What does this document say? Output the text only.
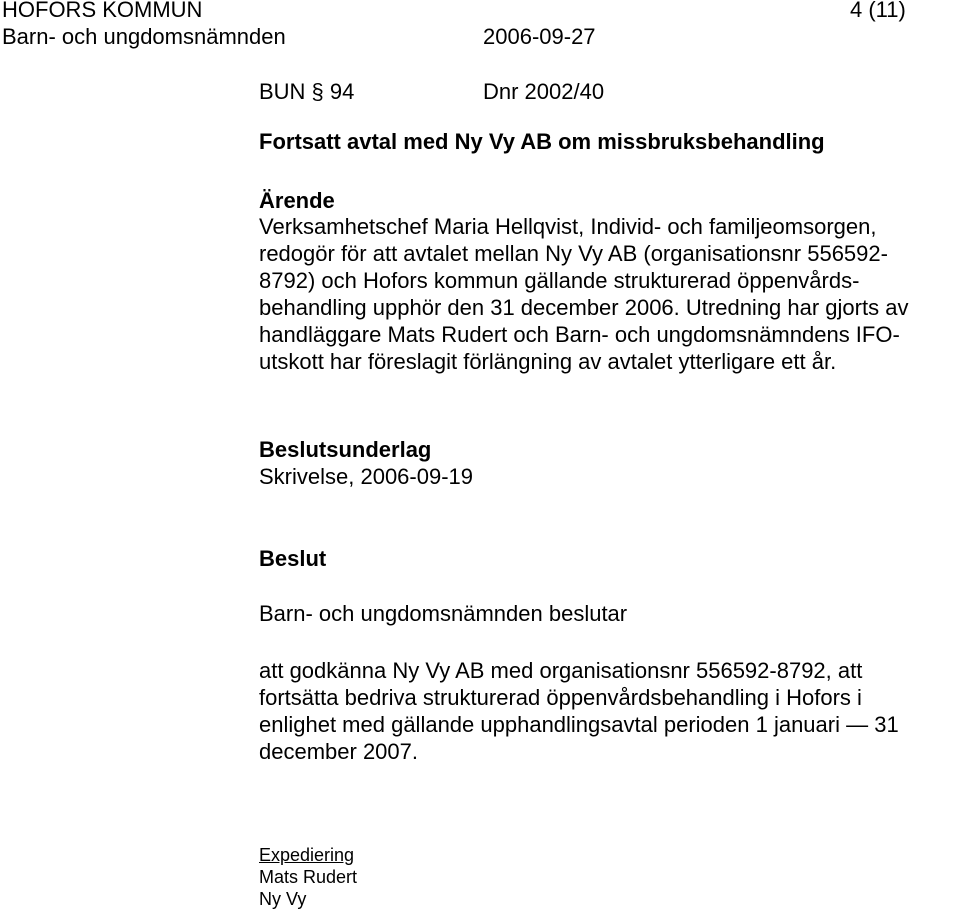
HOFORS KOMMUN	4 (11)
Barn- och ungdomsnämnden	2006-09-27
BUN § 94	Dnr 2002/40
Fortsatt avtal med Ny Vy AB om missbruksbehandling
Ärende
Verksamhetschef Maria Hellqvist, Individ- och familjeomsorgen,
redogör för att avtalet mellan Ny Vy AB (organisationsnr 556592-
8792) och Hofors kommun gällande strukturerad öppenvårds-
behandling upphör den 31 december 2006. Utredning har gjorts av
handläggare Mats Rudert och Barn- och ungdomsnämndens IFO-
utskott har föreslagit förlängning av avtalet ytterligare ett år.
Beslutsunderlag
Skrivelse, 2006-09-19
Beslut
Barn- och ungdomsnämnden beslutar
att godkänna Ny Vy AB med organisationsnr 556592-8792, att
fortsätta bedriva strukturerad öppenvårdsbehandling i Hofors i
enlighet med gällande upphandlingsavtal perioden 1 januari — 31
december 2007.
Expediering
Mats Rudert
Ny Vy
